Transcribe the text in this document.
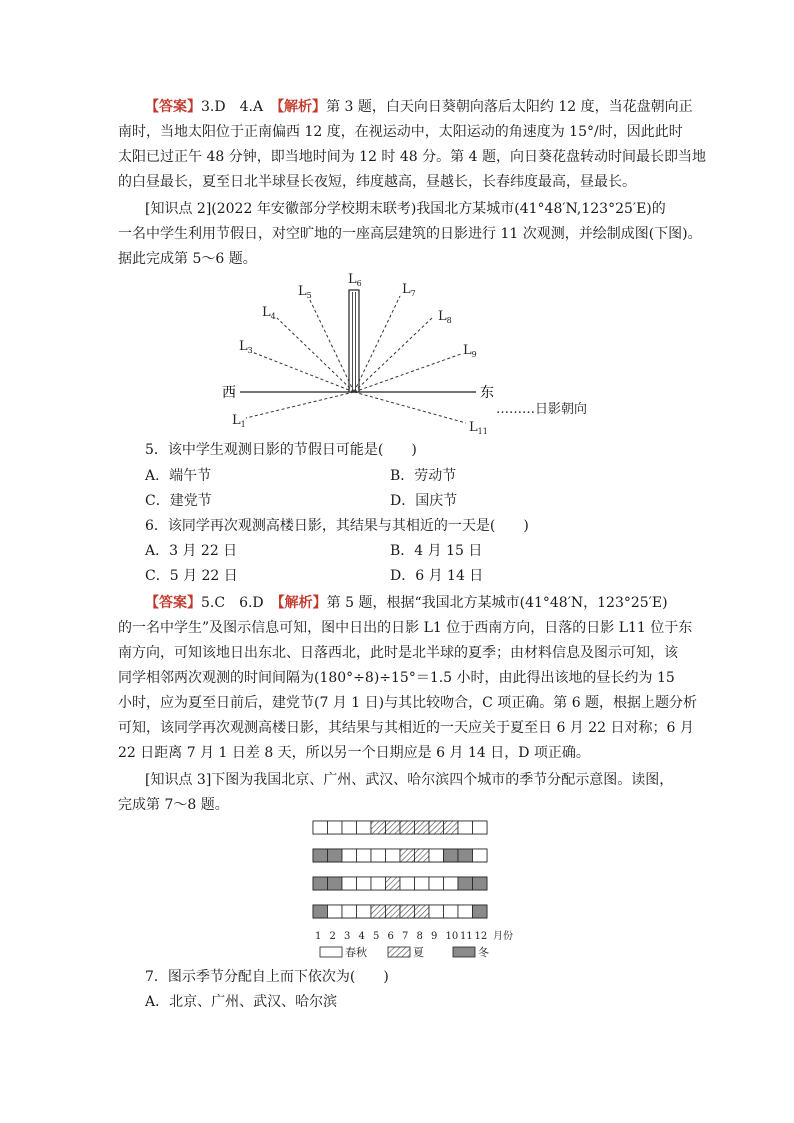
【答案】3.D　4.A　【解析】第 3 题，白天向日葵朝向落后太阳约 12 度，当花盘朝向正
南时，当地太阳位于正南偏西 12 度，在视运动中，太阳运动的角速度为 15°/时，因此此时
太阳已过正午 48 分钟，即当地时间为 12 时 48 分。第 4 题，向日葵花盘转动时间最长即当地
的白昼最长，夏至日北半球昼长夜短，纬度越高，昼越长，长春纬度最高，昼最长。
[知识点 2](2022 年安徽部分学校期末联考)我国北方某城市(41°48′N,123°25′E)的
一名中学生利用节假日，对空旷地的一座高层建筑的日影进行 11 次观测，并绘制成图(下图)。
据此完成第 5～6 题。
西	东
$L_1$
$L_3$
$L_4$
$L_5$
$L_6$	$L_7$
$L_8$
$L_9$
$L_{11}$
………日影朝向
5．该中学生观测日影的节假日可能是(　　)
A．端午节	B．劳动节
C．建党节	D．国庆节
6．该同学再次观测高楼日影，其结果与其相近的一天是(　　)
A．3 月 22 日	B．4 月 15 日
C．5 月 22 日	D．6 月 14 日
【答案】5.C　6.D　【解析】第 5 题，根据“我国北方某城市(41°48′N，123°25′E)
的一名中学生”及图示信息可知，图中日出的日影 L1 位于西南方向，日落的日影 L11 位于东
南方向，可知该地日出东北、日落西北，此时是北半球的夏季；由材料信息及图示可知，该
同学相邻两次观测的时间间隔为(180°÷8)÷15°＝1.5 小时，由此得出该地的昼长约为 15
小时，应为夏至日前后，建党节(7 月 1 日)与其比较吻合，C 项正确。第 6 题，根据上题分析
可知，该同学再次观测高楼日影，其结果与其相近的一天应关于夏至日 6 月 22 日对称；6 月
22 日距离 7 月 1 日差 8 天，所以另一个日期应是 6 月 14 日，D 项正确。
[知识点 3]下图为我国北京、广州、武汉、哈尔滨四个城市的季节分配示意图。读图，
完成第 7～8 题。
1 2 3 4 5 6 7 8 9 10 11 12 月份
春秋	夏	冬
7．图示季节分配自上而下依次为(　　)
A．北京、广州、武汉、哈尔滨
